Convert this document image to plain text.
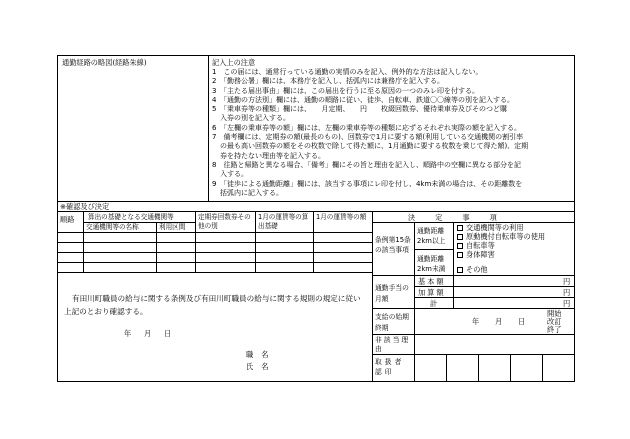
通勤経路の略図(経路朱線)	記入上の注意
1　この届には、通常行っている通勤の実情のみを記入、例外的な方法は記入しない。
2　「勤務公署」欄には、本務庁を記入し、括弧内には兼務庁を記入する。
3　「主たる届出事由」欄には、この届出を行うに至る原因の一つのみレ印を付する。
4　「通勤の方法別」欄には、通勤の順路に従い、徒歩、自転車、鉄道〇〇線等の別を記入する。
5　「乗車券等の種類」欄には、　　月定期、　　円　　枚綴回数券、優待乗車券及びそのつど購
入券の別を記入する。
6　「左欄の乗車券等の額」欄には、左欄の乗車券等の種類に応ずるそれぞれ実際の額を記入する。
7　備考欄には、定期券の額(最長のもの)、回数券で1月に要する額(利用している交通機関の割引率
の最も高い回数券の額をその枚数で除して得た額に、1月通勤に要する枚数を乗じて得た額)、定期
券を持たない理由等を記入する。
8　往路と帰路と異なる場合、「備考」欄にその旨と理由を記入し、順路中の空欄に異なる部分を記
入する。
9　「徒歩による通勤距離」欄には、該当する事項にレ印を付し、4km未満の場合は、その距離数を
括弧内に記入する。
※確認及び決定
順路 算出の基礎となる交通機関等
交通機関等の名称	利用区間
定期券回数券その他の別
1月の運賃等の算出基礎
1月の運賃等の額
有田川町職員の給与に関する条例及び有田川町職員の給与に関する規則の規定に従い上記のとおり確認する。
年 月 日
職名
氏名
決定事項
条例第15条の該当事項
通勤距離2km以上
通勤距離2km未満
交通機関等の利用
原動機付自転車等の使用
自転車等
身体障害
その他
通勤手当の月額
基本額
加算額
計
円
円
円
支給の始期終期
年 月 日
開始
改訂
終了
非該当理由
取扱者認印
